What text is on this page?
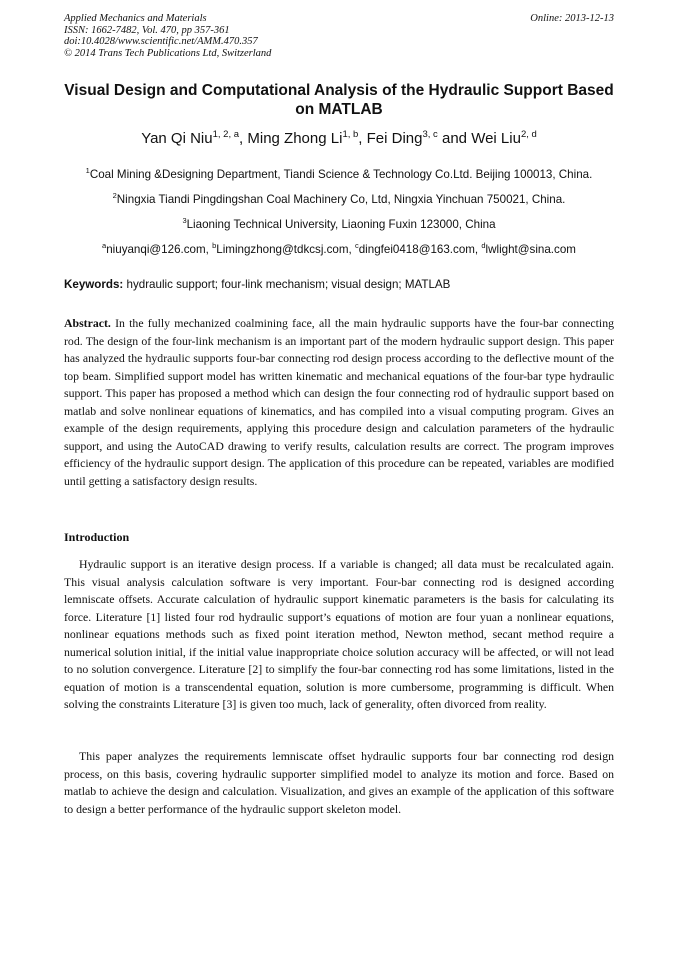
Applied Mechanics and Materials
ISSN: 1662-7482, Vol. 470, pp 357-361
doi:10.4028/www.scientific.net/AMM.470.357
© 2014 Trans Tech Publications Ltd, Switzerland
Online: 2013-12-13
Visual Design and Computational Analysis of the Hydraulic Support Based on MATLAB
Yan Qi Niu$^{1, 2, a}$, Ming Zhong Li$^{1, b}$, Fei Ding$^{3, c}$ and Wei Liu$^{2, d}$
$^1$Coal Mining &Designing Department, Tiandi Science & Technology Co.Ltd. Beijing 100013, China.
$^2$Ningxia Tiandi Pingdingshan Coal Machinery Co, Ltd, Ningxia Yinchuan 750021, China.
$^3$Liaoning Technical University, Liaoning Fuxin 123000, China
$^a$niuyanqi@126.com, $^b$Limingzhong@tdkcsj.com, $^c$dingfei0418@163.com, $^d$lwlight@sina.com
Keywords: hydraulic support; four-link mechanism; visual design; MATLAB

Abstract. In the fully mechanized coalmining face, all the main hydraulic supports have the four-bar connecting rod. The design of the four-link mechanism is an important part of the modern hydraulic support design. This paper has analyzed the hydraulic supports four-bar connecting rod design process according to the deflective mount of the top beam. Simplified support model has written kinematic and mechanical equations of the four-bar type hydraulic support. This paper has proposed a method which can design the four connecting rod of hydraulic support based on matlab and solve nonlinear equations of kinematics, and has compiled into a visual computing program. Gives an example of the design requirements, applying this procedure design and calculation parameters of the hydraulic support, and using the AutoCAD drawing to verify results, calculation results are correct. The program improves efficiency of the hydraulic support design. The application of this procedure can be repeated, variables are modified until getting a satisfactory design results.

Introduction

Hydraulic support is an iterative design process. If a variable is changed; all data must be recalculated again. This visual analysis calculation software is very important. Four-bar connecting rod is designed according lemniscate offsets. Accurate calculation of hydraulic support kinematic parameters is the basis for calculating its force. Literature [1] listed four rod hydraulic support’s equations of motion are four yuan a nonlinear equations, nonlinear equations methods such as fixed point iteration method, Newton method, secant method require a numerical solution initial, if the initial value inappropriate choice solution accuracy will be affected, or will not lead to no solution convergence. Literature [2] to simplify the four-bar connecting rod has some limitations, listed in the equation of motion is a transcendental equation, solution is more cumbersome, programming is difficult. When solving the constraints Literature [3] is given too much, lack of generality, often divorced from reality.

This paper analyzes the requirements lemniscate offset hydraulic supports four bar connecting rod design process, on this basis, covering hydraulic supporter simplified model to analyze its motion and force. Based on matlab to achieve the design and calculation. Visualization, and gives an example of the application of this software to design a better performance of the hydraulic support skeleton model.
